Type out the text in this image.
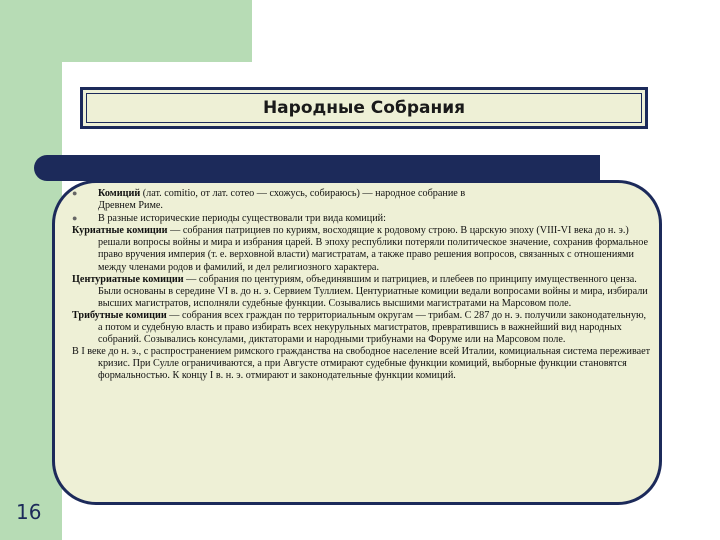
Народные Собрания

● Комиций (лат. comitio, от лат. coтeo — схожусь, собираюсь) — народное собрание в
Древнем Риме.

● В разные исторические периоды существовали три вида комиций:

Куриатные комиции — собрания патрициев по куриям, восходящие к родовому строю. В царскую эпоху (VIII-VI века до н. э.) решали вопросы войны и мира и избрания царей. В эпоху республики потеряли политическое значение, сохранив формальное право вручения империя (т. е. верховной власти) магистратам, а также право решения вопросов, связанных с отношениями между членами родов и фамилий, и дел религиозного характера.

Центуриатные комиции — собрания по центуриям, объединявшим и патрициев, и плебеев по принципу имущественного ценза. Были основаны в середине VI в. до н. э. Сервием Туллием. Центуриатные комиции ведали вопросами войны и мира, избирали высших магистратов, исполняли судебные функции. Созывались высшими магистратами на Марсовом поле.

Трибутные комиции — собрания всех граждан по территориальным округам — трибам. С 287 до н. э. получили законодательную, а потом и судебную власть и право избирать всех некурульных магистратов, превратившись в важнейший вид народных собраний. Созывались консулами, диктаторами и народными трибунами на Форуме или на Марсовом поле.

В I веке до н. э., с распространением римского гражданства на свободное население всей Италии, комициальная система переживает кризис. При Сулле ограничиваются, а при Августе отмирают судебные функции комиций, выборные функции становятся формальностью. К концу I в. н. э. отмирают и законодательные функции комиций.

16
